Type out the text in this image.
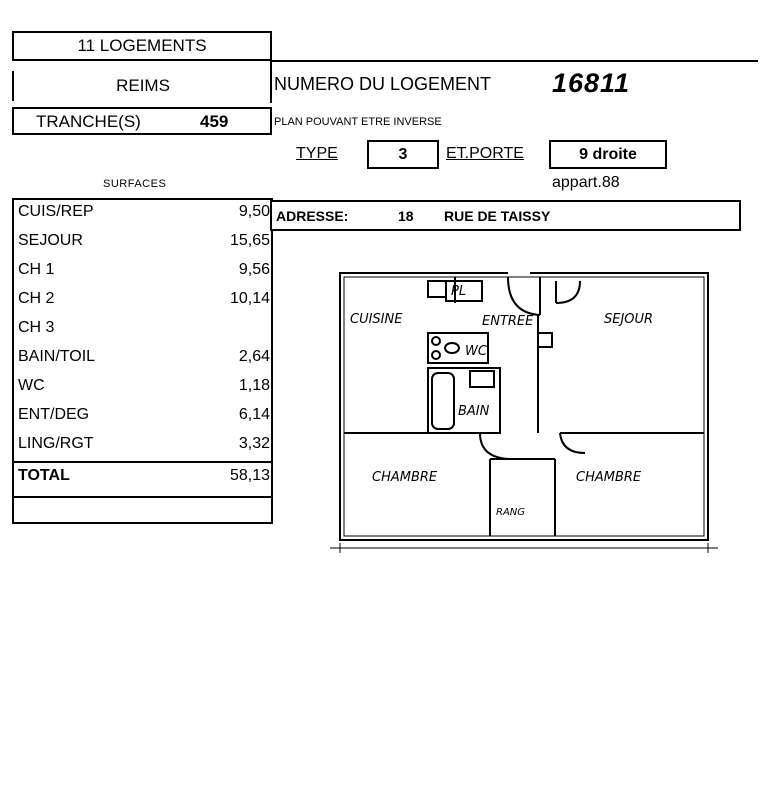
11 LOGEMENTS
REIMS
TRANCHE(S)	459
NUMERO DU LOGEMENT 16811
PLAN POUVANT ETRE INVERSE
TYPE	3 ET.PORTE	9 droite
SURFACES	appart.88
CUIS/REP	9,50
SEJOUR	15,65
CH 1	9,56
CH 2	10,14
CH 3
BAIN/TOIL	2,64
WC	1,18
ENT/DEG	6,14
LING/RGT	3,32
TOTAL	58,13
ADRESSE:	18 RUE DE TAISSY
PL
CUISINE	ENTREE	SEJOUR
WC
BAIN
CHAMBRE	CHAMBRE
RANG
